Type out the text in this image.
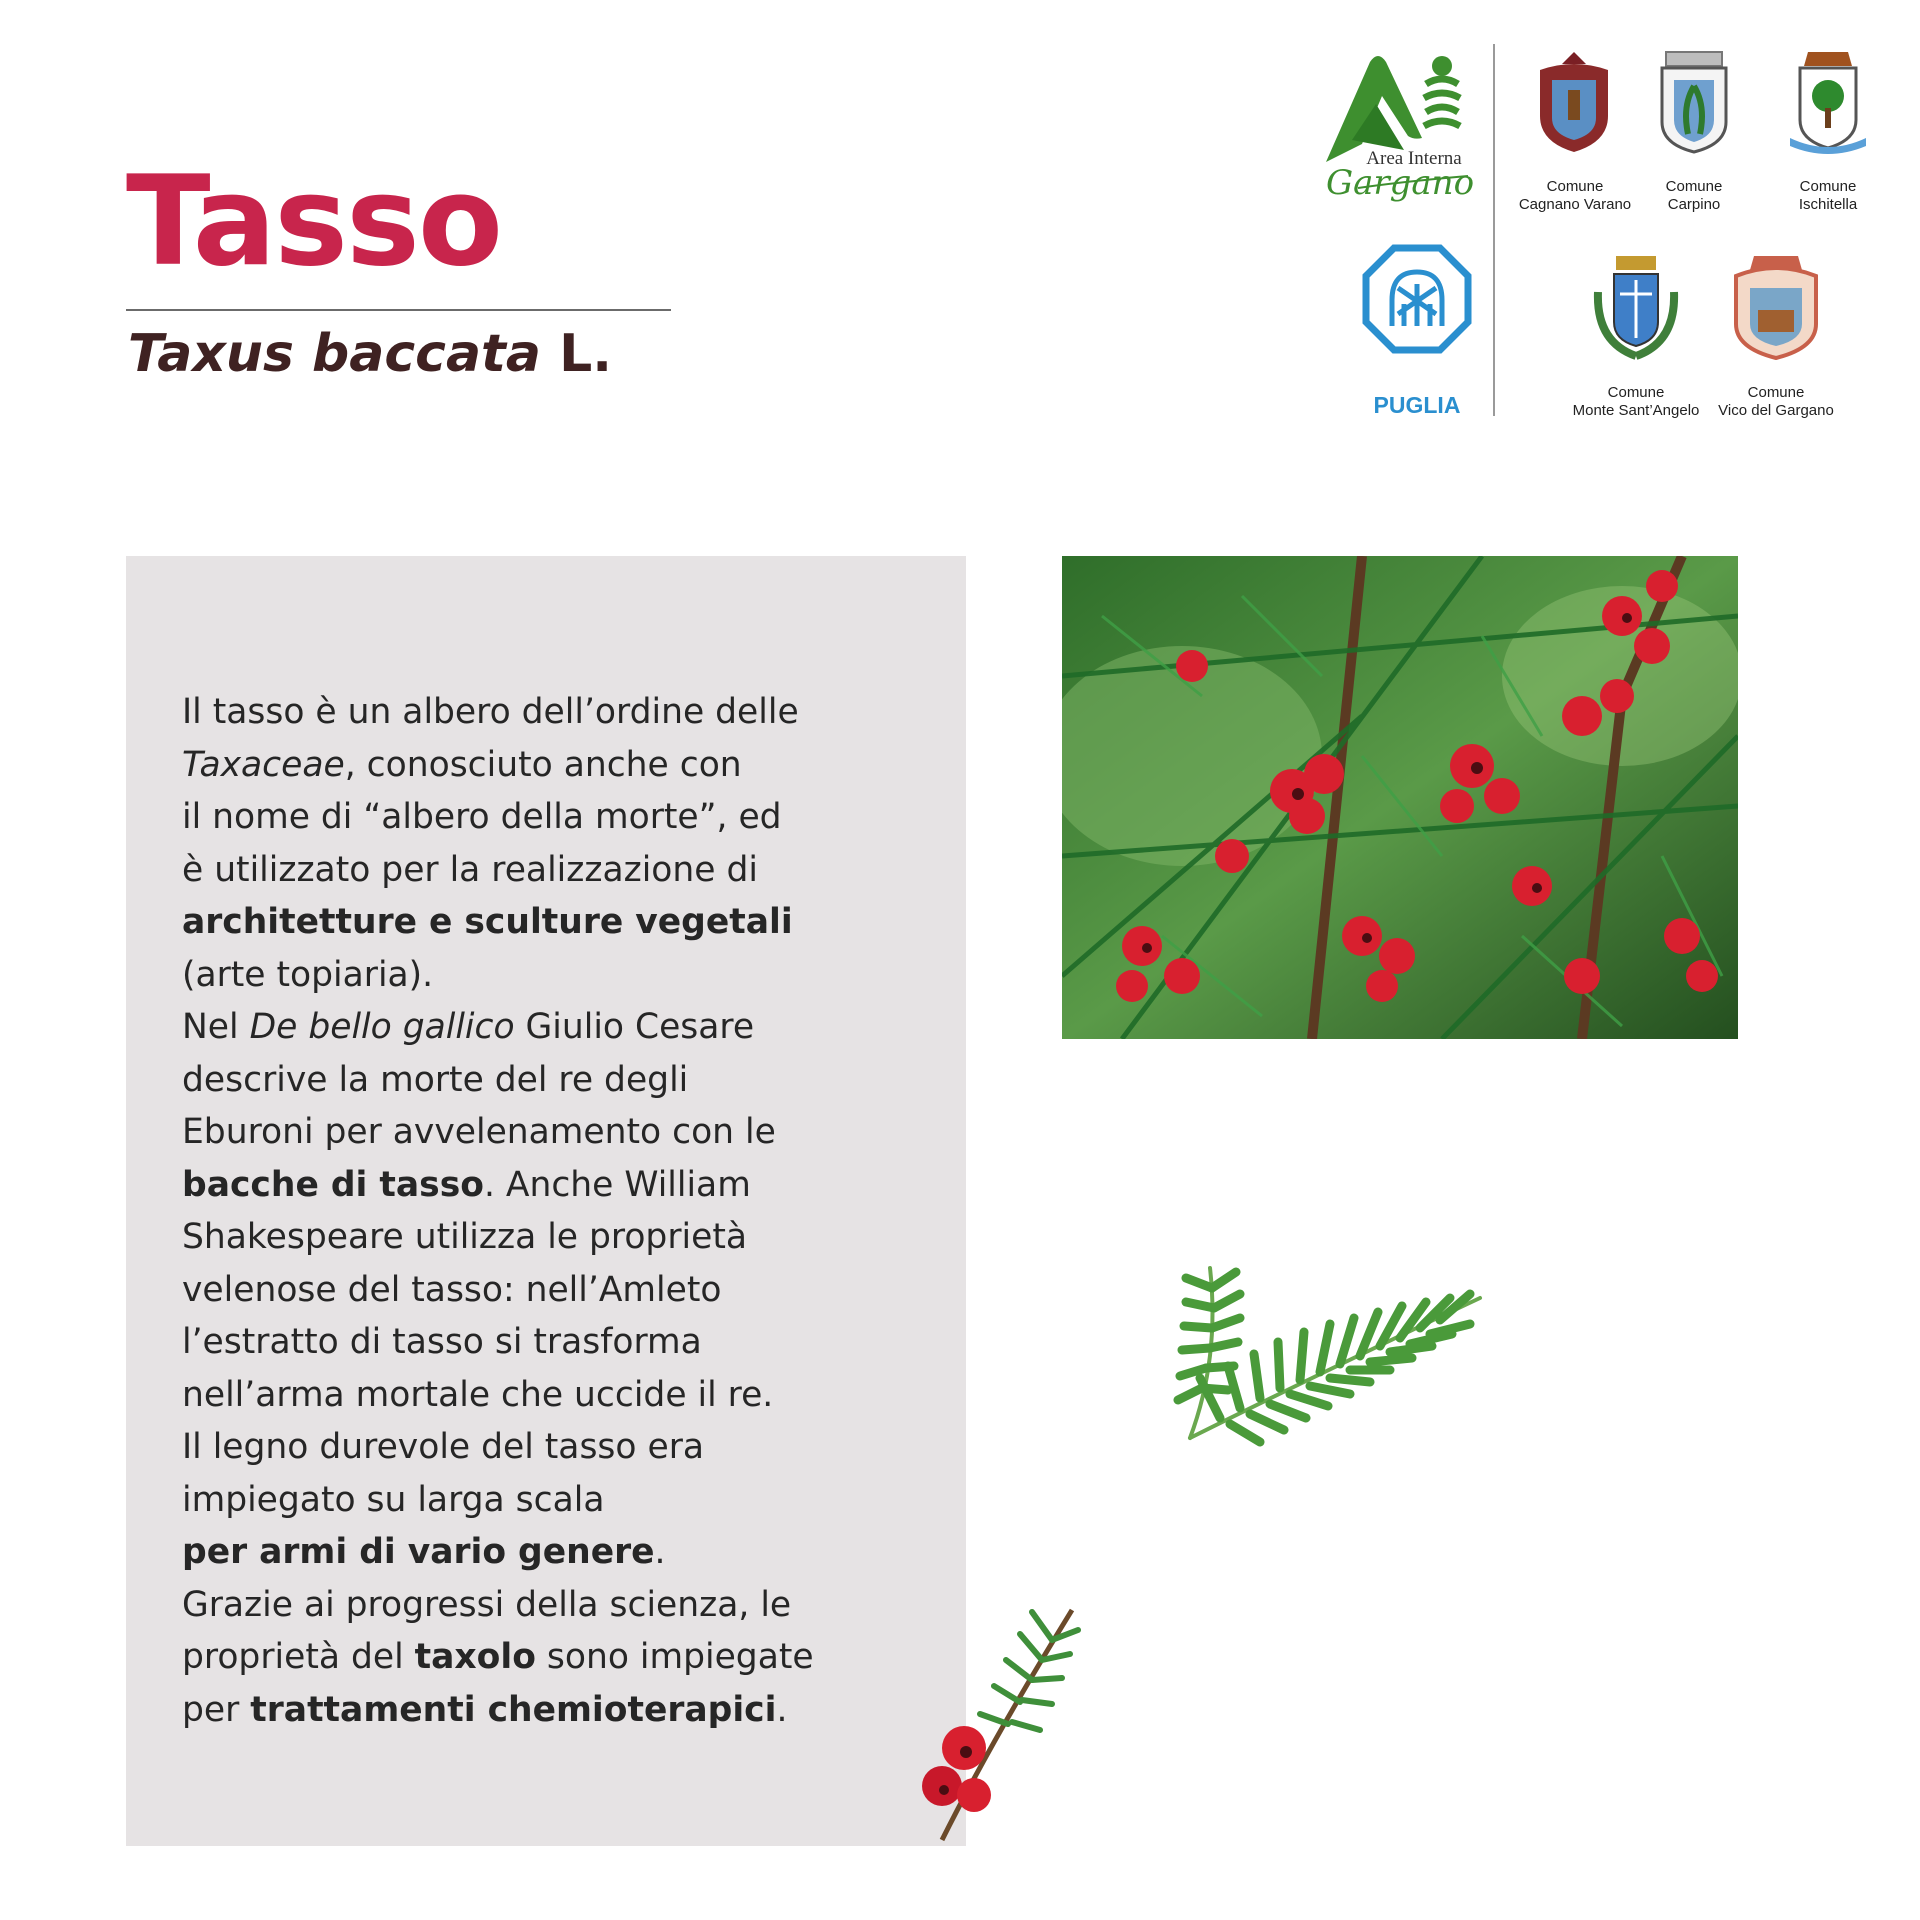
Tasso
Taxus baccata L.
Area Interna
Gargano
PUGLIA
Comune
Cagnano Varano
Comune
Carpino
Comune
Ischitella
Comune
Monte Sant’Angelo
Comune
Vico del Gargano

Il tasso è un albero dell’ordine delle
Taxaceae, conosciuto anche con
il nome di “albero della morte”, ed
è utilizzato per la realizzazione di
architetture e sculture vegetali
(arte topiaria).
Nel De bello gallico Giulio Cesare
descrive la morte del re degli
Eburoni per avvelenamento con le
bacche di tasso. Anche William
Shakespeare utilizza le proprietà
velenose del tasso: nell’Amleto
l’estratto di tasso si trasforma
nell’arma mortale che uccide il re.
Il legno durevole del tasso era
impiegato su larga scala
per armi di vario genere.
Grazie ai progressi della scienza, le
proprietà del taxolo sono impiegate
per trattamenti chemioterapici.
